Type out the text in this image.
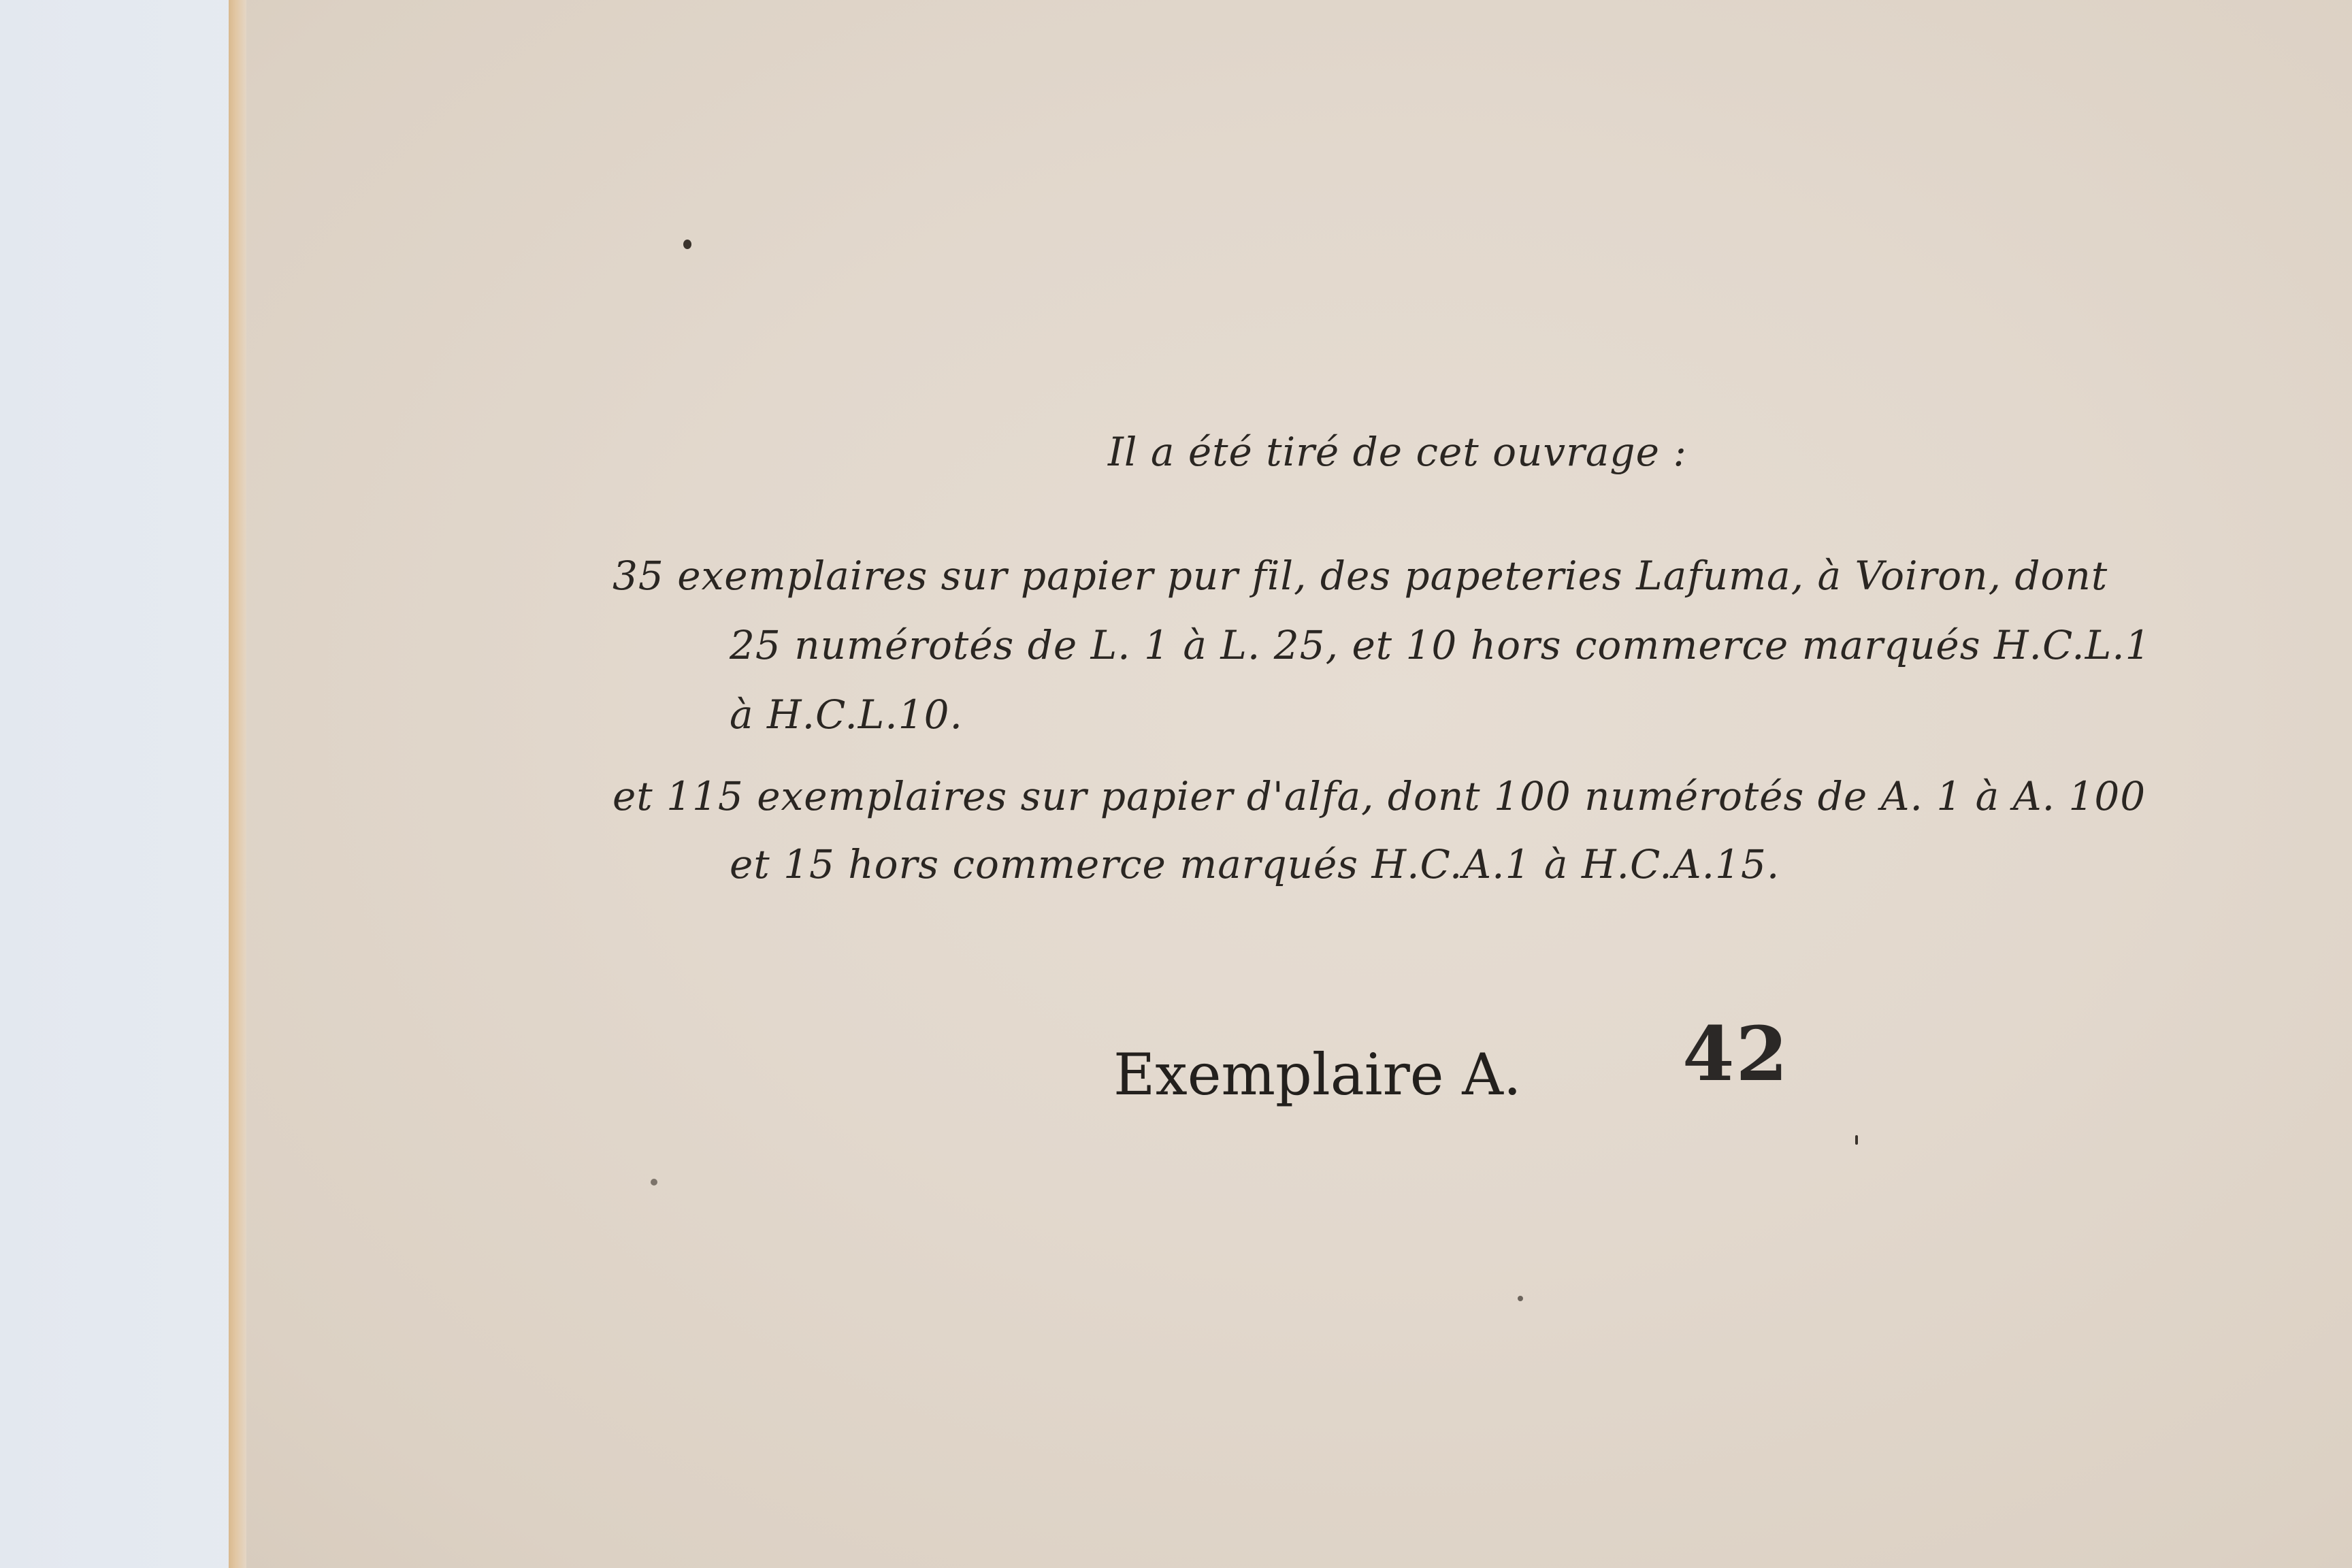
Il a été tiré de cet ouvrage :
35 exemplaires sur papier pur fil, des papeteries Lafuma, à Voiron, dont
25 numérotés de L. 1 à L. 25, et 10 hors commerce marqués H.C.L.1
à H.C.L.10.
et 115 exemplaires sur papier d'alfa, dont 100 numérotés de A. 1 à A. 100
et 15 hors commerce marqués H.C.A.1 à H.C.A.15.
Exemplaire A. 42
